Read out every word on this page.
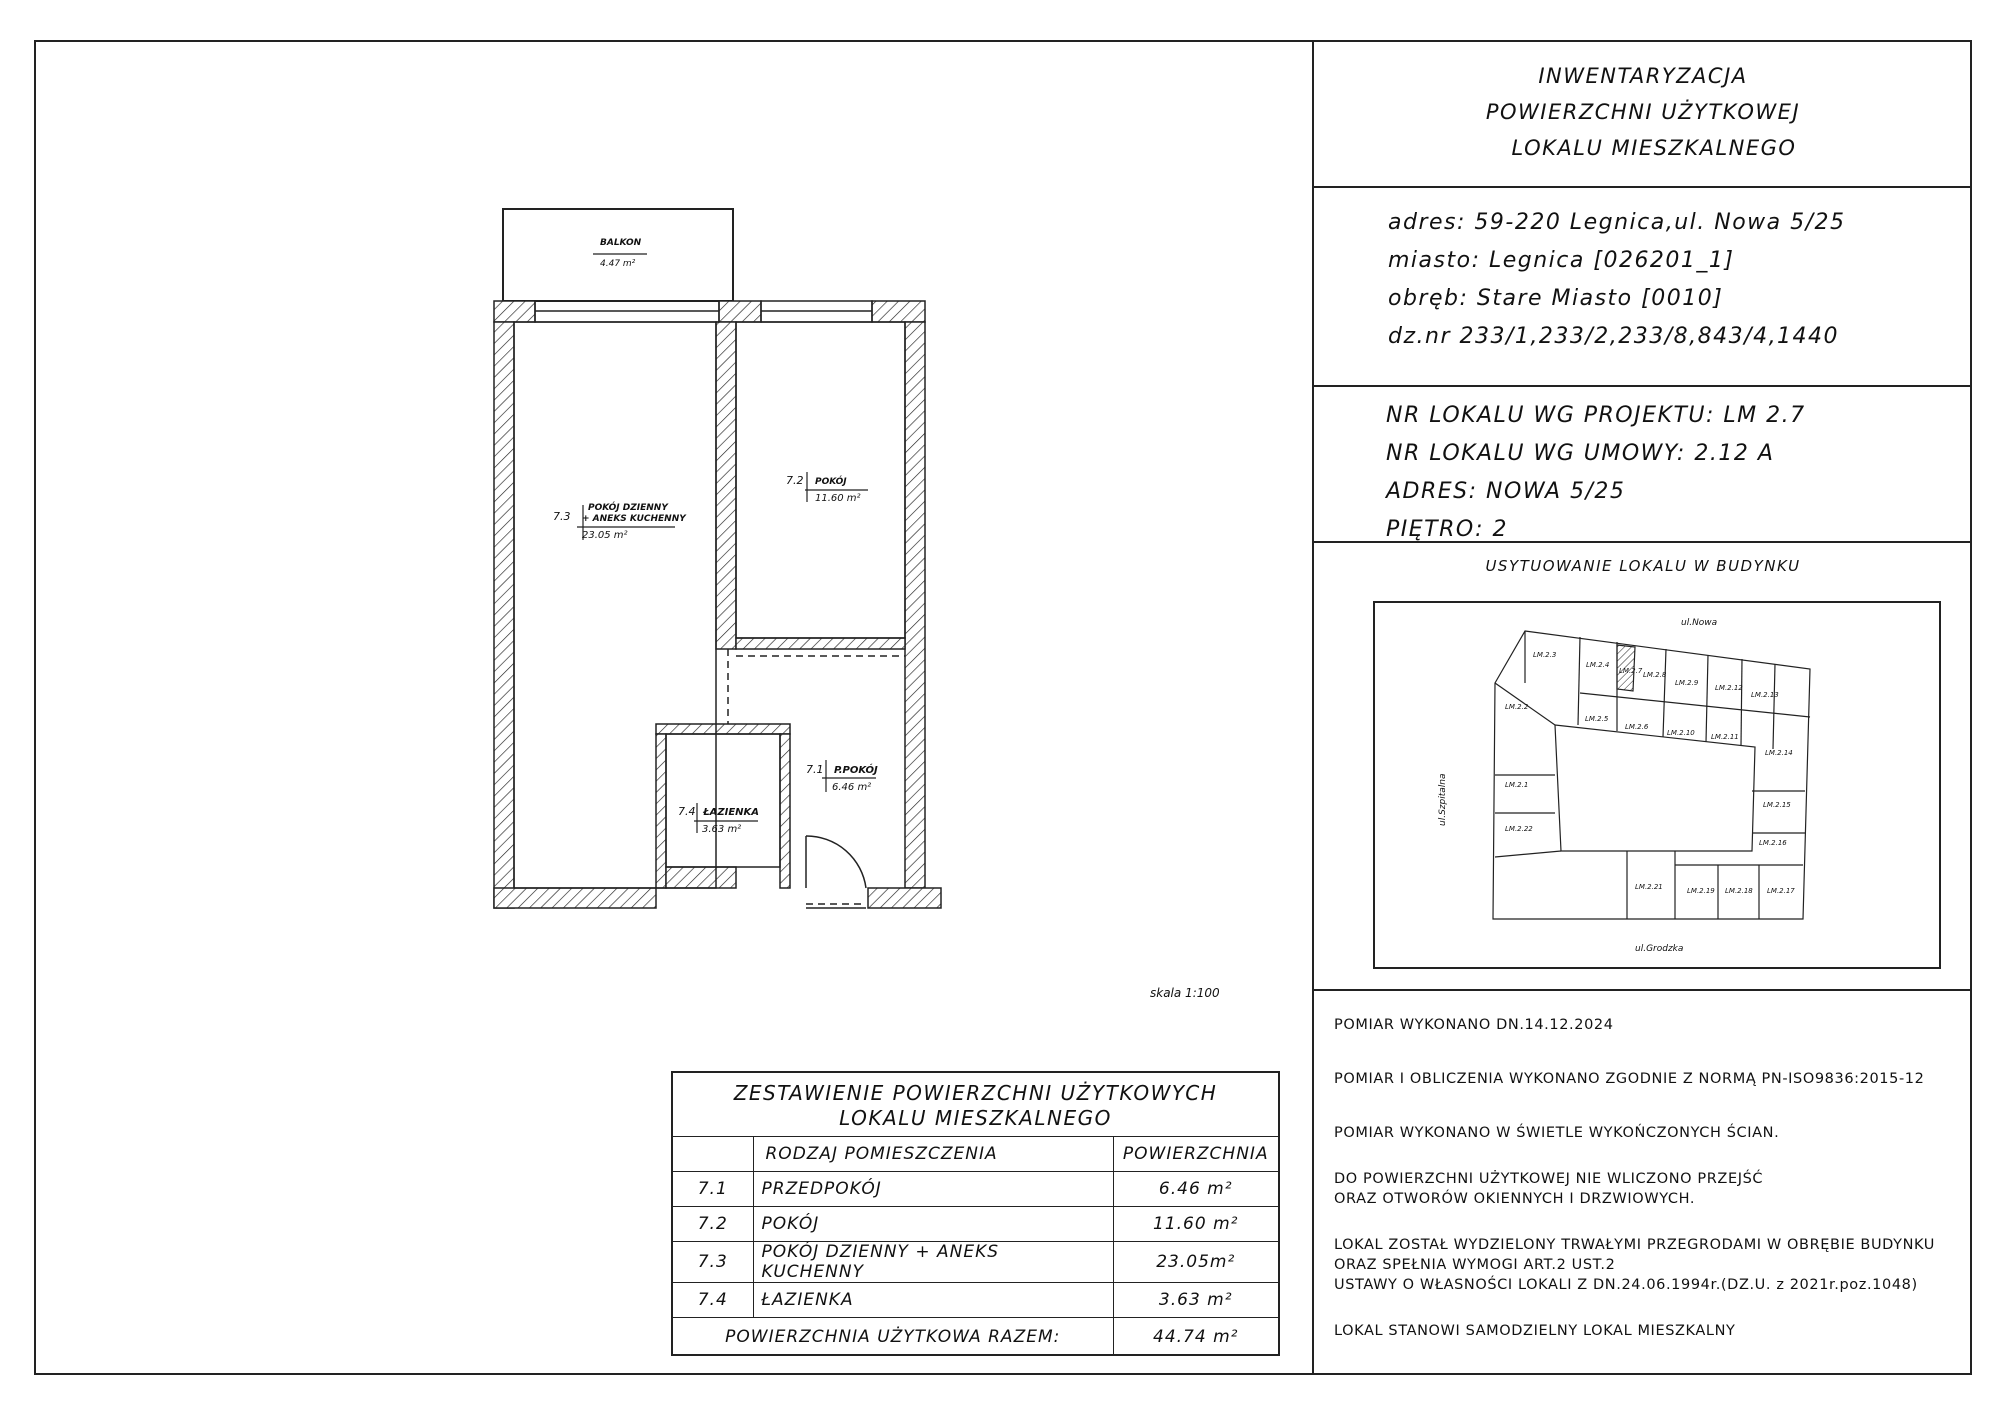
BALKON
4.47 m²
7.3
POKÓJ DZIENNY
+ ANEKS KUCHENNY
23.05 m²
7.2 POKÓJ
11.60 m²
7.1 P.POKÓJ
6.46 m²
7.4 ŁAZIENKA
3.63 m²
skala 1:100
ZESTAWIENIE POWIERZCHNI UŻYTKOWYCH
LOKALU MIESZKALNEGO
	RODZAJ POMIESZCZENIA	POWIERZCHNIA
7.1	PRZEDPOKÓJ	6.46 m²
7.2	POKÓJ	11.60 m²
7.3	POKÓJ DZIENNY + ANEKS KUCHENNY	23.05m²
7.4	ŁAZIENKA	3.63 m²
POWIERZCHNIA UŻYTKOWA RAZEM:		44.74 m²
INWENTARYZACJA
POWIERZCHNI UŻYTKOWEJ
LOKALU MIESZKALNEGO
adres: 59-220 Legnica,ul. Nowa 5/25
miasto: Legnica [026201_1]
obręb: Stare Miasto [0010]
dz.nr 233/1,233/2,233/8,843/4,1440
NR LOKALU WG PROJEKTU: LM 2.7
NR LOKALU WG UMOWY: 2.12 A
ADRES: NOWA 5/25
PIĘTRO: 2
USYTUOWANIE LOKALU W BUDYNKU
ul.Nowa
ul.Grodzka
ul.Szpitalna
LM.2.3
LM.2.4
LM.2.7 LM.2.8
LM.2.9
LM.2.12
LM.2.13
LM.2.2
LM.2.5
LM.2.6
LM.2.10 LM.2.11
LM.2.14
LM.2.1
LM.2.15
LM.2.22
LM.2.16
LM.2.21	LM.2.19 LM.2.18 LM.2.17

POMIAR WYKONANO DN.14.12.2024

POMIAR I OBLICZENIA WYKONANO ZGODNIE Z NORMĄ PN-ISO9836:2015-12

POMIAR WYKONANO W ŚWIETLE WYKOŃCZONYCH ŚCIAN.

DO POWIERZCHNI UŻYTKOWEJ NIE WLICZONO PRZEJŚĆ

ORAZ OTWORÓW OKIENNYCH I DRZWIOWYCH.

LOKAL ZOSTAŁ WYDZIELONY TRWAŁYMI PRZEGRODAMI W OBRĘBIE BUDYNKU

ORAZ SPEŁNIA WYMOGI ART.2 UST.2

USTAWY O WŁASNOŚCI LOKALI Z DN.24.06.1994r.(DZ.U. z 2021r.poz.1048)

LOKAL STANOWI SAMODZIELNY LOKAL MIESZKALNY
